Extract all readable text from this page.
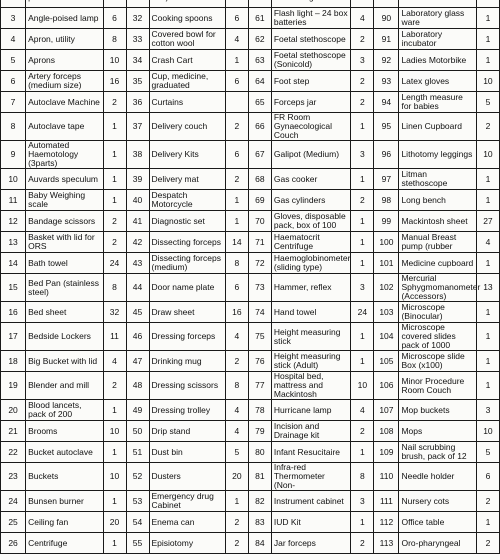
3	Angle-poised lamp	6	32	Cooking spoons	6	61	Flash light – 24 box batteries	4	90	Laboratory glass ware	1
4	Apron, utility	8	33	Covered bowl for cotton wool	4	62	Foetal stethoscope	2	91	Laboratory incubator	1
5	Aprons	10	34	Crash Cart	1	63	Foetal stethoscope (Sonicold)	3	92	Ladies Motorbike	1
6	Artery forceps (medium size)	16	35	Cup, medicine, graduated	6	64	Foot step	2	93	Latex gloves	10
7	Autoclave Machine	2	36	Curtains		65	Forceps jar	2	94	Length measure for babies	5
8	Autoclave tape	1	37	Delivery couch	2	66	FR Room Gynaecological Couch	1	95	Linen Cupboard	2
9	Automated Haemotology (3parts)	1	38	Delivery Kits	6	67	Galipot (Medium)	3	96	Lithotomy leggings	10
10	Auvards speculum	1	39	Delivery mat	2	68	Gas cooker	1	97	Litman stethoscope	1
11	Baby Weighing scale	1	40	Despatch Motorcycle	1	69	Gas cylinders	2	98	Long bench	1
12	Bandage scissors	2	41	Diagnostic set	1	70	Gloves, disposable pack, box of 100	1	99	Mackintosh sheet	27
13	Basket with lid for ORS	2	42	Dissecting forceps	14	71	Haematocrit Centrifuge	1	100	Manual Breast pump (rubber	4
14	Bath towel	24	43	Dissecting forceps (medium)	8	72	Haemoglobinometer (sliding type)	1	101	Medicine cupboard	1
15	Bed Pan (stainless steel)	8	44	Door name plate	6	73	Hammer, reflex	3	102	Mercurial Sphygmomanometer (Accessors)	13
16	Bed sheet	32	45	Draw sheet	16	74	Hand towel	24	103	Microscope (Binocular)	1
17	Bedside Lockers	11	46	Dressing forceps	4	75	Height measuring stick	1	104	Microscope covered slides pack of 1000	1
18	Big Bucket with lid	4	47	Drinking mug	2	76	Height measuring stick (Adult)	1	105	Microscope slide Box (x100)	1
19	Blender and mill	2	48	Dressing scissors	8	77	Hospital bed, mattress and Mackintosh	10	106	Minor Procedure Room Couch	1
20	Blood lancets, pack of 200	1	49	Dressing trolley	4	78	Hurricane lamp	4	107	Mop buckets	3
21	Brooms	10	50	Drip stand	4	79	Incision and Drainage kit	2	108	Mops	10
22	Bucket autoclave	1	51	Dust bin	5	80	Infant Resucitaire	1	109	Nail scrubbing brush, pack of 12	5
23	Buckets	10	52	Dusters	20	81	Infra-red Thermometer (Non-	8	110	Needle holder	6
24	Bunsen burner	1	53	Emergency drug Cabinet	1	82	Instrument cabinet	3	111	Nursery cots	2
25	Ceiling fan	20	54	Enema can	2	83	IUD Kit	1	112	Office table	1
26	Centrifuge	1	55	Episiotomy	2	84	Jar forceps	2	113	Oro-pharyngeal	2
